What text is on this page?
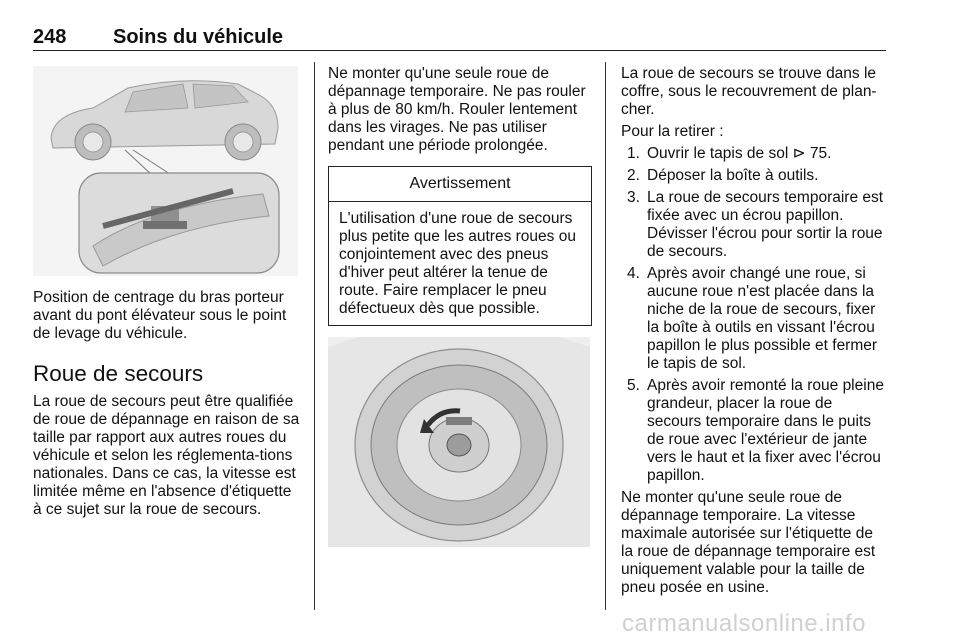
248 Soins du véhicule

Position de centrage du bras porteur avant du pont élévateur sous le point de levage du véhicule.

Roue de secours

La roue de secours peut être qualifiée de roue de dépannage en raison de sa taille par rapport aux autres roues du véhicule et selon les réglementa-tions nationales. Dans ce cas, la vitesse est limitée même en l'absence d'étiquette à ce sujet sur la roue de secours.

Ne monter qu'une seule roue de dépannage temporaire. Ne pas rouler à plus de 80 km/h. Rouler lentement dans les virages. Ne pas utiliser pendant une période prolongée.

Avertissement
L'utilisation d'une roue de secours plus petite que les autres roues ou conjointement avec des pneus d'hiver peut altérer la tenue de route. Faire remplacer le pneu défectueux dès que possible.

La roue de secours se trouve dans le coffre, sous le recouvrement de plan-cher.

Pour la retirer :

1. Ouvrir le tapis de sol ⊳ 75.
2. Déposer la boîte à outils.
3. La roue de secours temporaire est fixée avec un écrou papillon. Dévisser l'écrou pour sortir la roue de secours.
4. Après avoir changé une roue, si aucune roue n'est placée dans la niche de la roue de secours, fixer la boîte à outils en vissant l'écrou papillon le plus possible et fermer le tapis de sol.
5. Après avoir remonté la roue pleine grandeur, placer la roue de secours temporaire dans le puits de roue avec l'extérieur de jante vers le haut et la fixer avec l'écrou papillon.

Ne monter qu'une seule roue de dépannage temporaire. La vitesse maximale autorisée sur l'étiquette de la roue de dépannage temporaire est uniquement valable pour la taille de pneu posée en usine.

carmanualsonline.info
